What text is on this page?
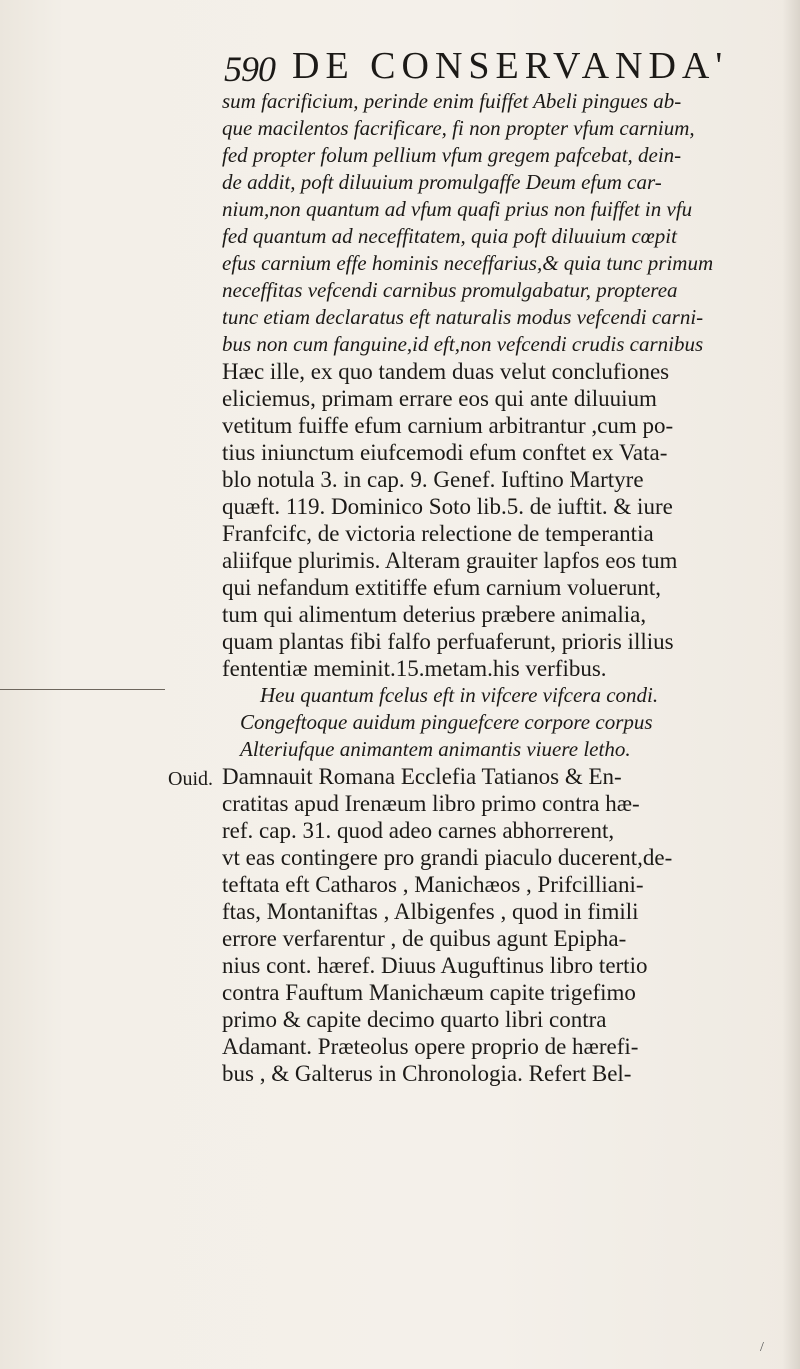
590 DE CONSERVANDA'
Ouid.
sum facrificium, perinde enim fuiffet Abeli pingues ab-
que macilentos facrificare, fi non propter vfum carnium,
fed propter folum pellium vfum gregem pafcebat, dein-
de addit, poft diluuium promulgaffe Deum efum car-
nium,non quantum ad vfum quafi prius non fuiffet in vfu
fed quantum ad neceffitatem, quia poft diluuium cœpit
efus carnium effe hominis neceffarius,& quia tunc primum
neceffitas vefcendi carnibus promulgabatur, propterea
tunc etiam declaratus eft naturalis modus vefcendi carni-
bus non cum fanguine,id eft,non vefcendi crudis carnibus
Hæc ille, ex quo tandem duas velut conclufiones
eliciemus, primam errare eos qui ante diluuium
vetitum fuiffe efum carnium arbitrantur ,cum po-
tius iniunctum eiufcemodi efum conftet ex Vata-
blo notula 3. in cap. 9. Genef. Iuftino Martyre
quæft. 119. Dominico Soto lib.5. de iuftit. & iure
Franfcifc, de victoria relectione de temperantia
aliifque plurimis. Alteram grauiter lapfos eos tum
qui nefandum extitiffe efum carnium voluerunt,
tum qui alimentum deterius præbere animalia,
quam plantas fibi falfo perfuaferunt, prioris illius
fententiæ meminit.15.metam.his verfibus.
Heu quantum fcelus eft in vifcere vifcera condi.
Congeftoque auidum pinguefcere corpore corpus
Alteriufque animantem animantis viuere letho.
Damnauit Romana Ecclefia Tatianos & En-
cratitas apud Irenæum libro primo contra hæ-
ref. cap. 31. quod adeo carnes abhorrerent,
vt eas contingere pro grandi piaculo ducerent,de-
teftata eft Catharos , Manichæos , Prifcilliani-
ftas, Montaniftas , Albigenfes , quod in fimili
errore verfarentur , de quibus agunt Epipha-
nius cont. hæref. Diuus Auguftinus libro tertio
contra Fauftum Manichæum capite trigefimo
primo & capite decimo quarto libri contra
Adamant. Præteolus opere proprio de hærefi-
bus , & Galterus in Chronologia. Refert Bel-
/
